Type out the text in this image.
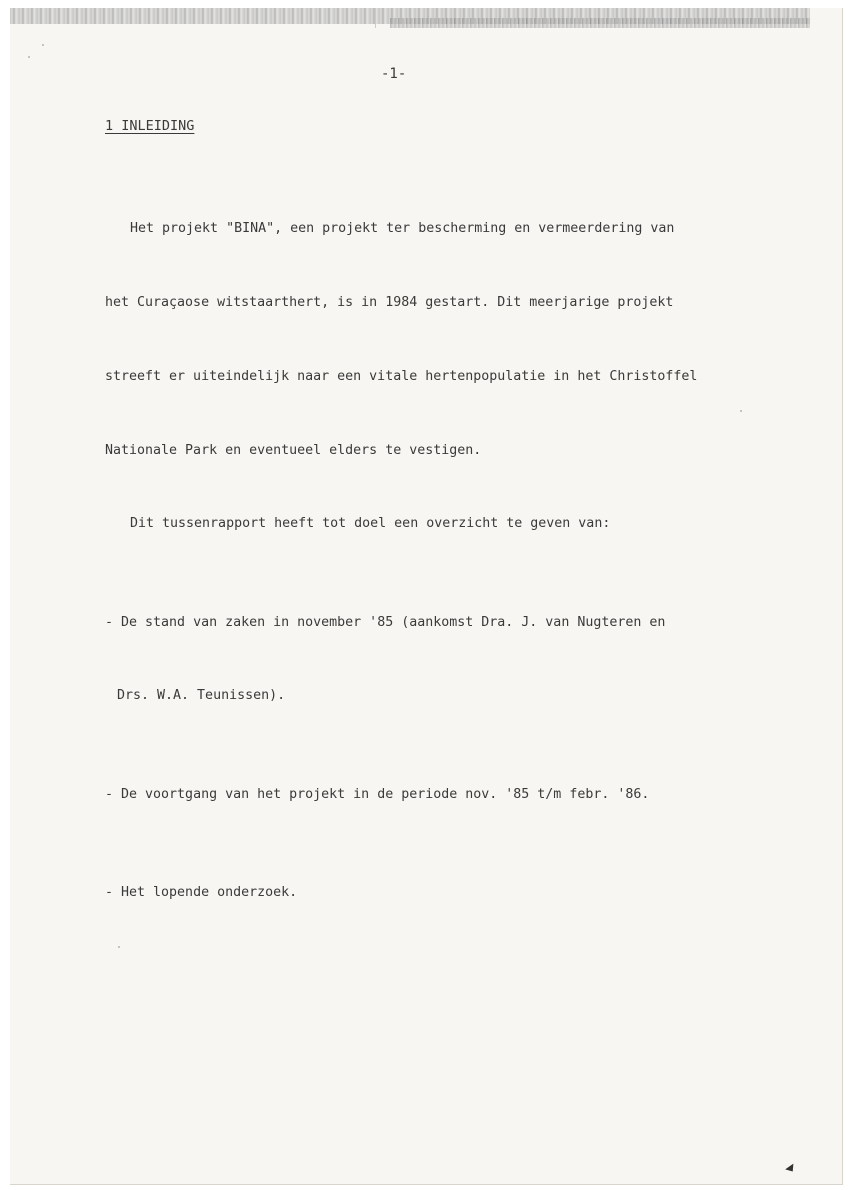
-1-
1 INLEIDING

Het projekt "BINA", een projekt ter bescherming en vermeerdering van

het Curaçaose witstaarthert, is in 1984 gestart. Dit meerjarige projekt

streeft er uiteindelijk naar een vitale hertenpopulatie in het Christoffel

Nationale Park en eventueel elders te vestigen.

Dit tussenrapport heeft tot doel een overzicht te geven van:

- De stand van zaken in november '85 (aankomst Dra. J. van Nugteren en

Drs. W.A. Teunissen).

- De voortgang van het projekt in de periode nov. '85 t/m febr. '86.

- Het lopende onderzoek.
